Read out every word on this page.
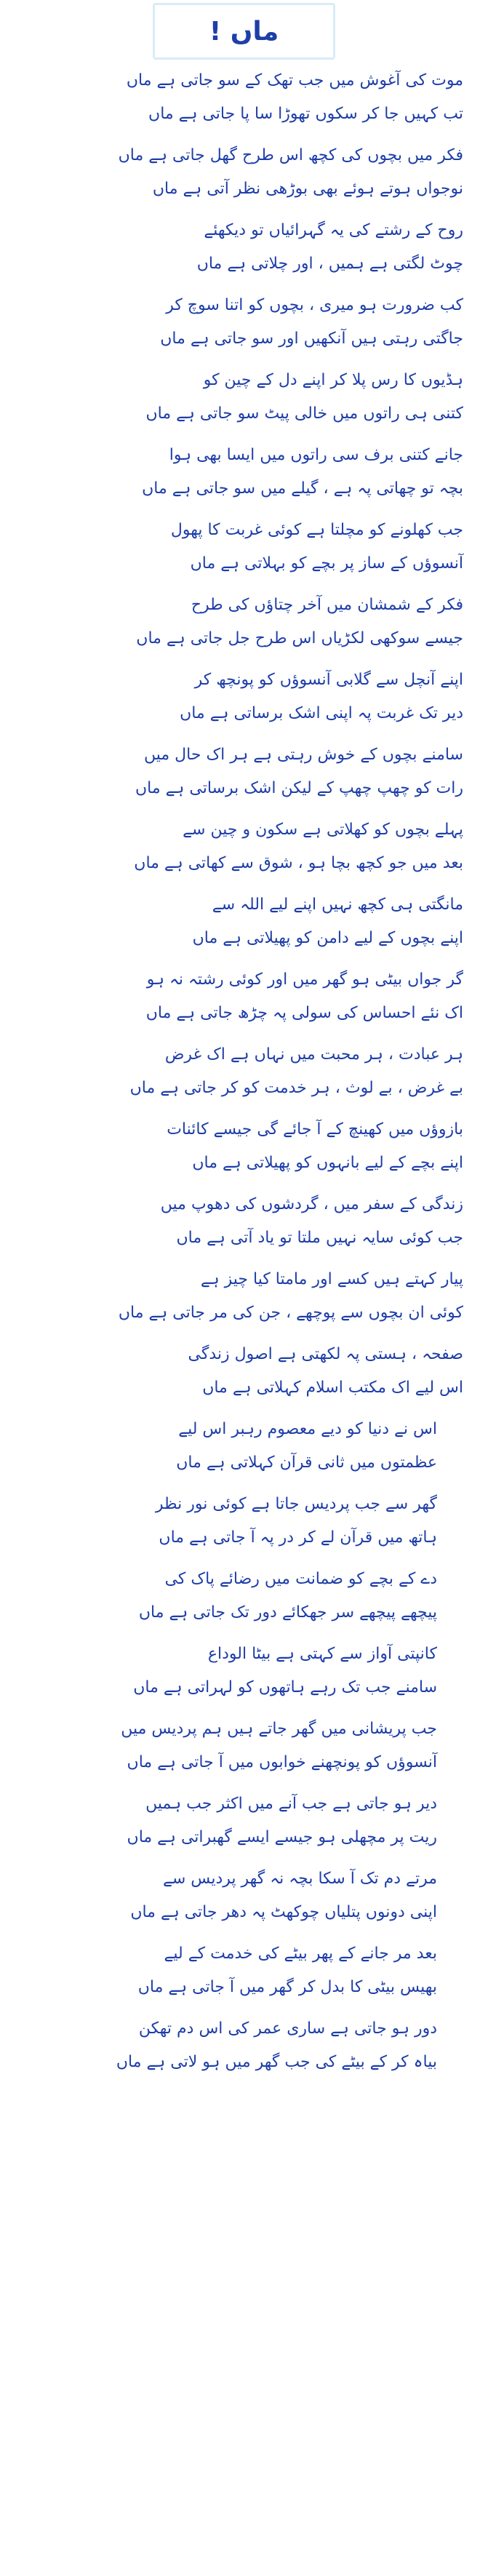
ماں !
موت کی آغوش میں جب تھک کے سو جاتی ہے ماں
تب کہیں جا کر سکوں تھوڑا سا پا جاتی ہے ماں
فکر میں بچوں کی کچھ اس طرح گھل جاتی ہے ماں
نوجواں ہوتے ہوئے بھی بوڑھی نظر آتی ہے ماں
روح کے رشتے کی یہ گہرائیاں تو دیکھئے
چوٹ لگتی ہے ہمیں ، اور چلاتی ہے ماں
کب ضرورت ہو میری ، بچوں کو اتنا سوچ کر
جاگتی رہتی ہیں آنکھیں اور سو جاتی ہے ماں
ہڈیوں کا رس پلا کر اپنے دل کے چین کو
کتنی ہی راتوں میں خالی پیٹ سو جاتی ہے ماں
جانے کتنی برف سی راتوں میں ایسا بھی ہوا
بچہ تو چھاتی پہ ہے ، گیلے میں سو جاتی ہے ماں
جب کھلونے کو مچلتا ہے کوئی غربت کا پھول
آنسوؤں کے ساز پر بچے کو بہلاتی ہے ماں
فکر کے شمشان میں آخر چتاؤں کی طرح
جیسے سوکھی لکڑیاں اس طرح جل جاتی ہے ماں
اپنے آنچل سے گلابی آنسوؤں کو پونچھ کر
دیر تک غربت پہ اپنی اشک برساتی ہے ماں
سامنے بچوں کے خوش رہتی ہے ہر اک حال میں
رات کو چھپ چھپ کے لیکن اشک برساتی ہے ماں
پہلے بچوں کو کھلاتی ہے سکون و چین سے
بعد میں جو کچھ بچا ہو ، شوق سے کھاتی ہے ماں
مانگتی ہی کچھ نہیں اپنے لیے اللہ سے
اپنے بچوں کے لیے دامن کو پھیلاتی ہے ماں
گر جواں بیٹی ہو گھر میں اور کوئی رشتہ نہ ہو
اک نئے احساس کی سولی پہ چڑھ جاتی ہے ماں
ہر عبادت ، ہر محبت میں نہاں ہے اک غرض
بے غرض ، بے لوث ، ہر خدمت کو کر جاتی ہے ماں
بازوؤں میں کھینچ کے آ جائے گی جیسے کائنات
اپنے بچے کے لیے بانہوں کو پھیلاتی ہے ماں
زندگی کے سفر میں ، گردشوں کی دھوپ میں
جب کوئی سایہ نہیں ملتا تو یاد آتی ہے ماں
پیار کہتے ہیں کسے اور مامتا کیا چیز ہے
کوئی ان بچوں سے پوچھے ، جن کی مر جاتی ہے ماں
صفحہ ، ہستی پہ لکھتی ہے اصول زندگی
اس لیے اک مکتب اسلام کہلاتی ہے ماں
اس نے دنیا کو دیے معصوم رہبر اس لیے
عظمتوں میں ثانی قرآن کہلاتی ہے ماں
گھر سے جب پردیس جاتا ہے کوئی نور نظر
ہاتھ میں قرآن لے کر در پہ آ جاتی ہے ماں
دے کے بچے کو ضمانت میں رضائے پاک کی
پیچھے پیچھے سر جھکائے دور تک جاتی ہے ماں
کانپتی آواز سے کہتی ہے بیٹا الوداع
سامنے جب تک رہے ہاتھوں کو لہراتی ہے ماں
جب پریشانی میں گھر جاتے ہیں ہم پردیس میں
آنسوؤں کو پونچھنے خوابوں میں آ جاتی ہے ماں
دیر ہو جاتی ہے جب آنے میں اکثر جب ہمیں
ریت پر مچھلی ہو جیسے ایسے گھبراتی ہے ماں
مرتے دم تک آ سکا بچہ نہ گھر پردیس سے
اپنی دونوں پتلیاں چوکھٹ پہ دھر جاتی ہے ماں
بعد مر جانے کے پھر بیٹے کی خدمت کے لیے
بھیس بیٹی کا بدل کر گھر میں آ جاتی ہے ماں
دور ہو جاتی ہے ساری عمر کی اس دم تھکن
بیاہ کر کے بیٹے کی جب گھر میں ہو لاتی ہے ماں
